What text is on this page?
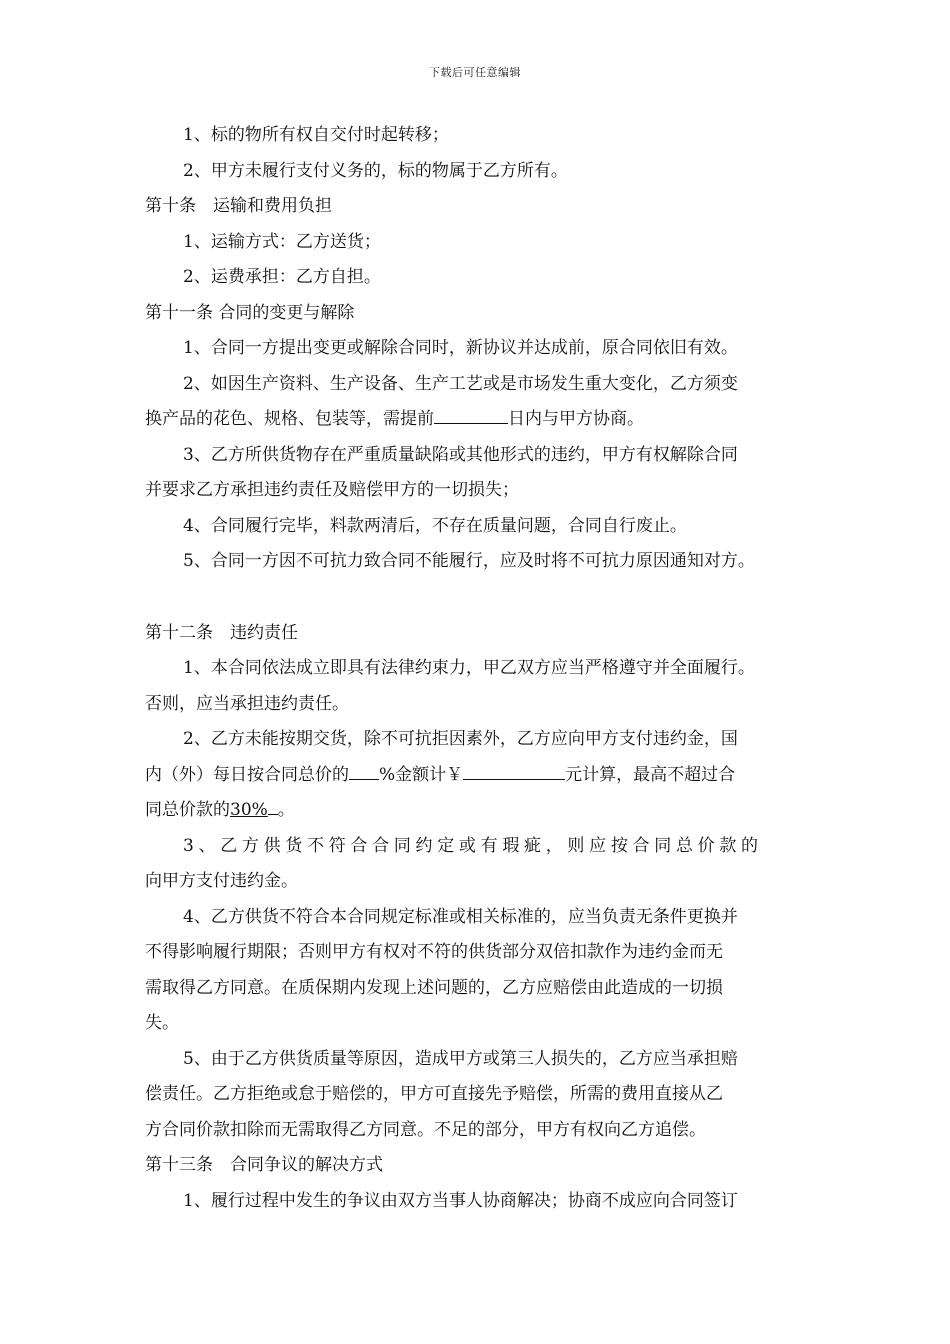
下载后可任意编辑
1、标的物所有权自交付时起转移；
2、甲方未履行支付义务的，标的物属于乙方所有。
第十条　运输和费用负担
1、运输方式：乙方送货；
2、运费承担：乙方自担。
第十一条 合同的变更与解除
1、合同一方提出变更或解除合同时，新协议并达成前，原合同依旧有效。
2、如因生产资料、生产设备、生产工艺或是市场发生重大变化，乙方须变
换产品的花色、规格、包装等，需提前	日内与甲方协商。
3、乙方所供货物存在严重质量缺陷或其他形式的违约，甲方有权解除合同
并要求乙方承担违约责任及赔偿甲方的一切损失；
4、合同履行完毕，料款两清后，不存在质量问题，合同自行废止。
5、合同一方因不可抗力致合同不能履行，应及时将不可抗力原因通知对方。
第十二条　违约责任
1、本合同依法成立即具有法律约束力，甲乙双方应当严格遵守并全面履行。
否则，应当承担违约责任。
2、乙方未能按期交货，除不可抗拒因素外，乙方应向甲方支付违约金，国
内（外）每日按合同总价的 %金额计￥	元计算，最高不超过合
同总价款的30% 。
3、乙方供货不符合合同约定或有瑕疵，则应按合同总价款的
向甲方支付违约金。
4、乙方供货不符合本合同规定标准或相关标准的，应当负责无条件更换并
不得影响履行期限；否则甲方有权对不符的供货部分双倍扣款作为违约金而无
需取得乙方同意。在质保期内发现上述问题的，乙方应赔偿由此造成的一切损
失。
5、由于乙方供货质量等原因，造成甲方或第三人损失的，乙方应当承担赔
偿责任。乙方拒绝或怠于赔偿的，甲方可直接先予赔偿，所需的费用直接从乙
方合同价款扣除而无需取得乙方同意。不足的部分，甲方有权向乙方追偿。
第十三条　合同争议的解决方式
1、履行过程中发生的争议由双方当事人协商解决；协商不成应向合同签订
